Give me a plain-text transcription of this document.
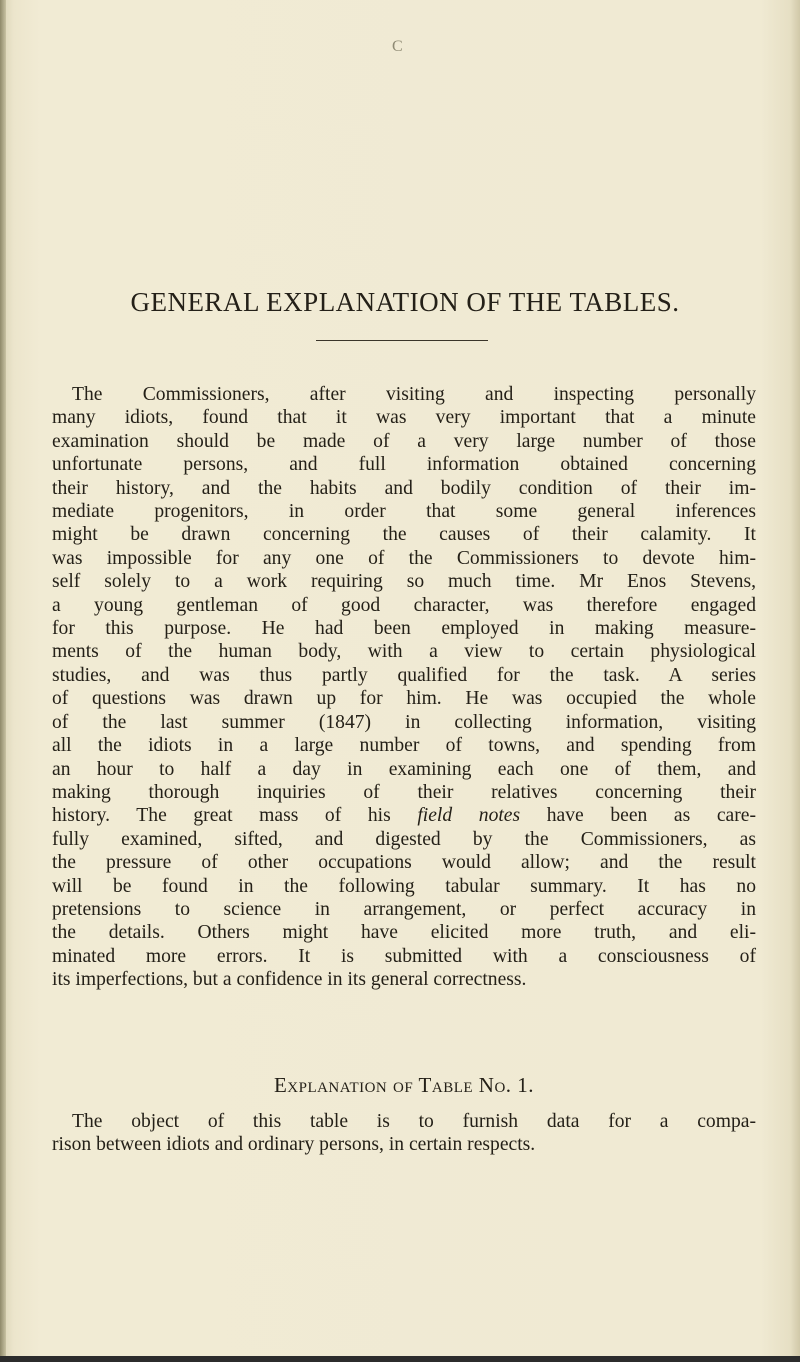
C
GENERAL EXPLANATION OF THE TABLES.
The Commissioners, after visiting and inspecting personally
many idiots, found that it was very important that a minute
examination should be made of a very large number of those
unfortunate persons, and full information obtained concerning
their history, and the habits and bodily condition of their im-
mediate progenitors, in order that some general inferences
might be drawn concerning the causes of their calamity. It
was impossible for any one of the Commissioners to devote him-
self solely to a work requiring so much time. Mr Enos Stevens,
a young gentleman of good character, was therefore engaged
for this purpose. He had been employed in making measure-
ments of the human body, with a view to certain physiological
studies, and was thus partly qualified for the task. A series
of questions was drawn up for him. He was occupied the whole
of the last summer (1847) in collecting information, visiting
all the idiots in a large number of towns, and spending from
an hour to half a day in examining each one of them, and
making thorough inquiries of their relatives concerning their
history. The great mass of his field notes have been as care-
fully examined, sifted, and digested by the Commissioners, as
the pressure of other occupations would allow; and the result
will be found in the following tabular summary. It has no
pretensions to science in arrangement, or perfect accuracy in
the details. Others might have elicited more truth, and eli-
minated more errors. It is submitted with a consciousness of
its imperfections, but a confidence in its general correctness.
Explanation of Table No. 1.
The object of this table is to furnish data for a compa-
rison between idiots and ordinary persons, in certain respects.
